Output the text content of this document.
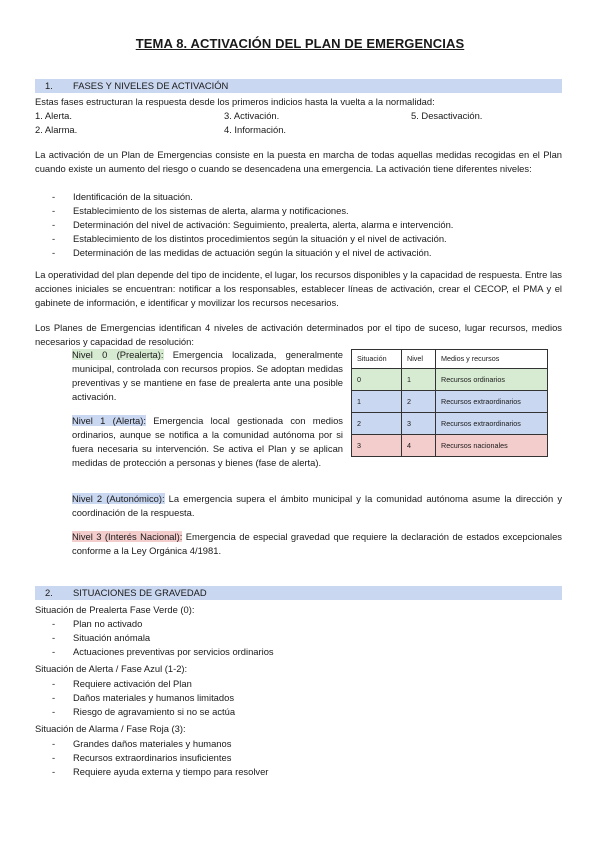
TEMA 8. ACTIVACIÓN DEL PLAN DE EMERGENCIAS
1. FASES Y NIVELES DE ACTIVACIÓN
Estas fases estructuran la respuesta desde los primeros indicios hasta la vuelta a la normalidad:
1. Alerta.
2. Alarma.
3. Activación.
4. Información.
5. Desactivación.
La activación de un Plan de Emergencias consiste en la puesta en marcha de todas aquellas medidas recogidas en el Plan cuando existe un aumento del riesgo o cuando se desencadena una emergencia. La activación tiene diferentes niveles:
- Identificación de la situación.
- Establecimiento de los sistemas de alerta, alarma y notificaciones.
- Determinación del nivel de activación: Seguimiento, prealerta, alerta, alarma e intervención.
- Establecimiento de los distintos procedimientos según la situación y el nivel de activación.
- Determinación de las medidas de actuación según la situación y el nivel de activación.
La operatividad del plan depende del tipo de incidente, el lugar, los recursos disponibles y la capacidad de respuesta. Entre las acciones iniciales se encuentran: notificar a los responsables, establecer líneas de activación, crear el CECOP, el PMA y el gabinete de información, e identificar y movilizar los recursos necesarios.
Los Planes de Emergencias identifican 4 niveles de activación determinados por el tipo de suceso, lugar recursos, medios necesarios y capacidad de resolución:
Nivel 0 (Prealerta): Emergencia localizada, generalmente municipal, controlada con recursos propios. Se adoptan medidas preventivas y se mantiene en fase de prealerta ante una posible activación.
Nivel 1 (Alerta): Emergencia local gestionada con medios ordinarios, aunque se notifica a la comunidad autónoma por si fuera necesaria su intervención. Se activa el Plan y se aplican medidas de protección a personas y bienes (fase de alerta).
Nivel 2 (Autonómico): La emergencia supera el ámbito municipal y la comunidad autónoma asume la dirección y coordinación de la respuesta.
Nivel 3 (Interés Nacional): Emergencia de especial gravedad que requiere la declaración de estados excepcionales conforme a la Ley Orgánica 4/1981.
Situación	Nivel	Medios y recursos
0	1	Recursos ordinarios
1	2	Recursos extraordinarios
2	3	Recursos extraordinarios
3	4	Recursos nacionales
2. SITUACIONES DE GRAVEDAD
Situación de Prealerta Fase Verde (0):
- Plan no activado
- Situación anómala
- Actuaciones preventivas por servicios ordinarios
Situación de Alerta / Fase Azul (1-2):
- Requiere activación del Plan
- Daños materiales y humanos limitados
- Riesgo de agravamiento si no se actúa
Situación de Alarma / Fase Roja (3):
- Grandes daños materiales y humanos
- Recursos extraordinarios insuficientes
- Requiere ayuda externa y tiempo para resolver
